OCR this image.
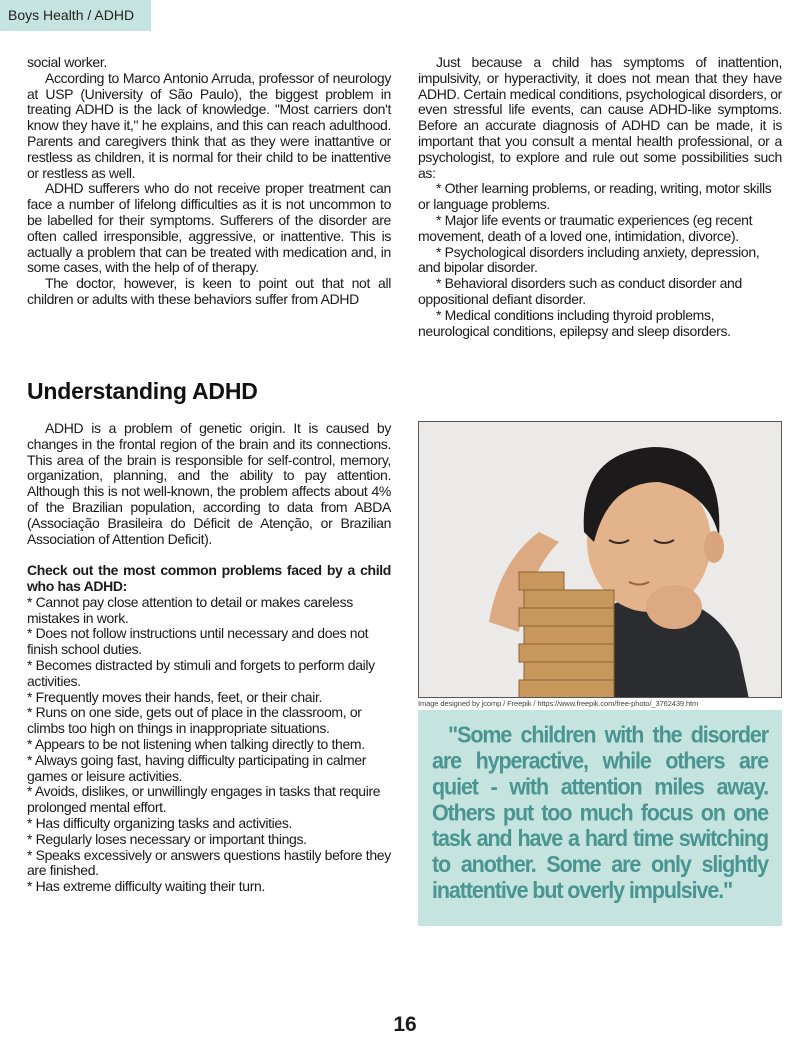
Boys Health / ADHD

social worker.

According to Marco Antonio Arruda, professor of neurology at USP (University of São Paulo), the biggest problem in treating ADHD is the lack of knowledge. "Most carriers don't know they have it," he explains, and this can reach adulthood. Parents and caregivers think that as they were inattantive or restless as children, it is normal for their child to be inattentive or restless as well.

ADHD sufferers who do not receive proper treatment can face a number of lifelong difficulties as it is not uncommon to be labelled for their symptoms. Sufferers of the disorder are often called irresponsible, aggressive, or inattentive. This is actually a problem that can be treated with medication and, in some cases, with the help of of therapy.

The doctor, however, is keen to point out that not all children or adults with these behaviors suffer from ADHD

Just because a child has symptoms of inattention, impulsivity, or hyperactivity, it does not mean that they have ADHD. Certain medical conditions, psychological disorders, or even stressful life events, can cause ADHD-like symptoms. Before an accurate diagnosis of ADHD can be made, it is important that you consult a mental health professional, or a psychologist, to explore and rule out some possibilities such as:

* Other learning problems, or reading, writing, motor skills or language problems.

* Major life events or traumatic experiences (eg recent movement, death of a loved one, intimidation, divorce).

* Psychological disorders including anxiety, depression, and bipolar disorder.

* Behavioral disorders such as conduct disorder and oppositional defiant disorder.

* Medical conditions including thyroid problems, neurological conditions, epilepsy and sleep disorders.

Understanding ADHD

ADHD is a problem of genetic origin. It is caused by changes in the frontal region of the brain and its connections. This area of the brain is responsible for self-control, memory, organization, planning, and the ability to pay attention. Although this is not well-known, the problem affects about 4% of the Brazilian population, according to data from ABDA (Associação Brasileira do Déficit de Atenção, or Brazilian Association of Attention Deficit).

Check out the most common problems faced by a child who has ADHD:

* Cannot pay close attention to detail or makes careless mistakes in work.

* Does not follow instructions until necessary and does not finish school duties.

* Becomes distracted by stimuli and forgets to perform daily activities.

* Frequently moves their hands, feet, or their chair.

* Runs on one side, gets out of place in the classroom, or climbs too high on things in inappropriate situations.

* Appears to be not listening when talking directly to them.

* Always going fast, having difficulty participating in calmer games or leisure activities.

* Avoids, dislikes, or unwillingly engages in tasks that require prolonged mental effort.

* Has difficulty organizing tasks and activities.

* Regularly loses necessary or important things.

* Speaks excessively or answers questions hastily before they are finished.

* Has extreme difficulty waiting their turn.

Image designed by jcomp / Freepik / https://www.freepik.com/free-photo/_3762439.htm

"Some children with the disorder are hyperactive, while others are quiet - with attention miles away. Others put too much focus on one task and have a hard time switching to another. Some are only slightly inattentive but overly impulsive."

16
